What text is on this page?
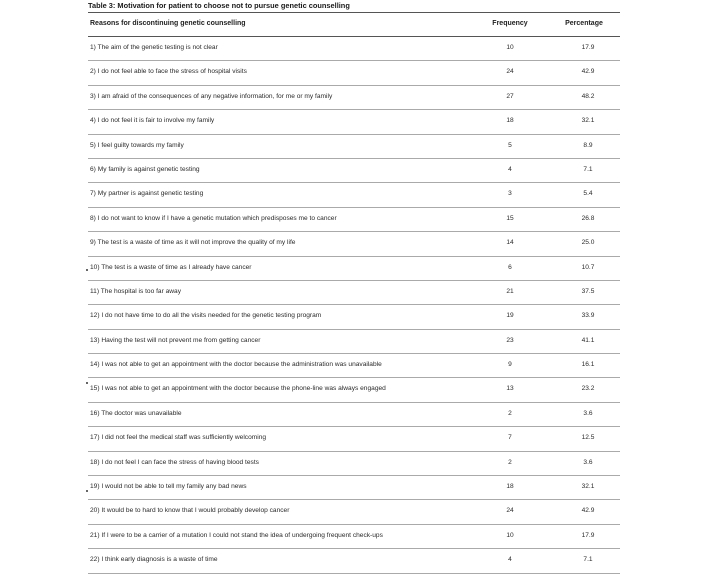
Table 3: Motivation for patient to choose not to pursue genetic counselling
Reasons for discontinuing genetic counselling	Frequency	Percentage
1) The aim of the genetic testing is not clear	10	17.9
2) I do not feel able to face the stress of hospital visits	24	42.9
3) I am afraid of the consequences of any negative information, for me or my family	27	48.2
4) I do not feel it is fair to involve my family	18	32.1
5) I feel guilty towards my family	5	8.9
6) My family is against genetic testing	4	7.1
7) My partner is against genetic testing	3	5.4
8) I do not want to know if I have a genetic mutation which predisposes me to cancer	15	26.8
9) The test is a waste of time as it will not improve the quality of my life	14	25.0
10) The test is a waste of time as I already have cancer	6	10.7
11) The hospital is too far away	21	37.5
12) I do not have time to do all the visits needed for the genetic testing program	19	33.9
13) Having the test will not prevent me from getting cancer	23	41.1
14) I was not able to get an appointment with the doctor because the administration was unavailable	9	16.1
15) I was not able to get an appointment with the doctor because the phone-line was always engaged	13	23.2
16) The doctor was unavailable	2	3.6
17) I did not feel the medical staff was sufficiently welcoming	7	12.5
18) I do not feel I can face the stress of having blood tests	2	3.6
19) I would not be able to tell my family any bad news	18	32.1
20) It would be to hard to know that I would probably develop cancer	24	42.9
21) If I were to be a carrier of a mutation I could not stand the idea of undergoing frequent check-ups	10	17.9
22) I think early diagnosis is a waste of time	4	7.1
